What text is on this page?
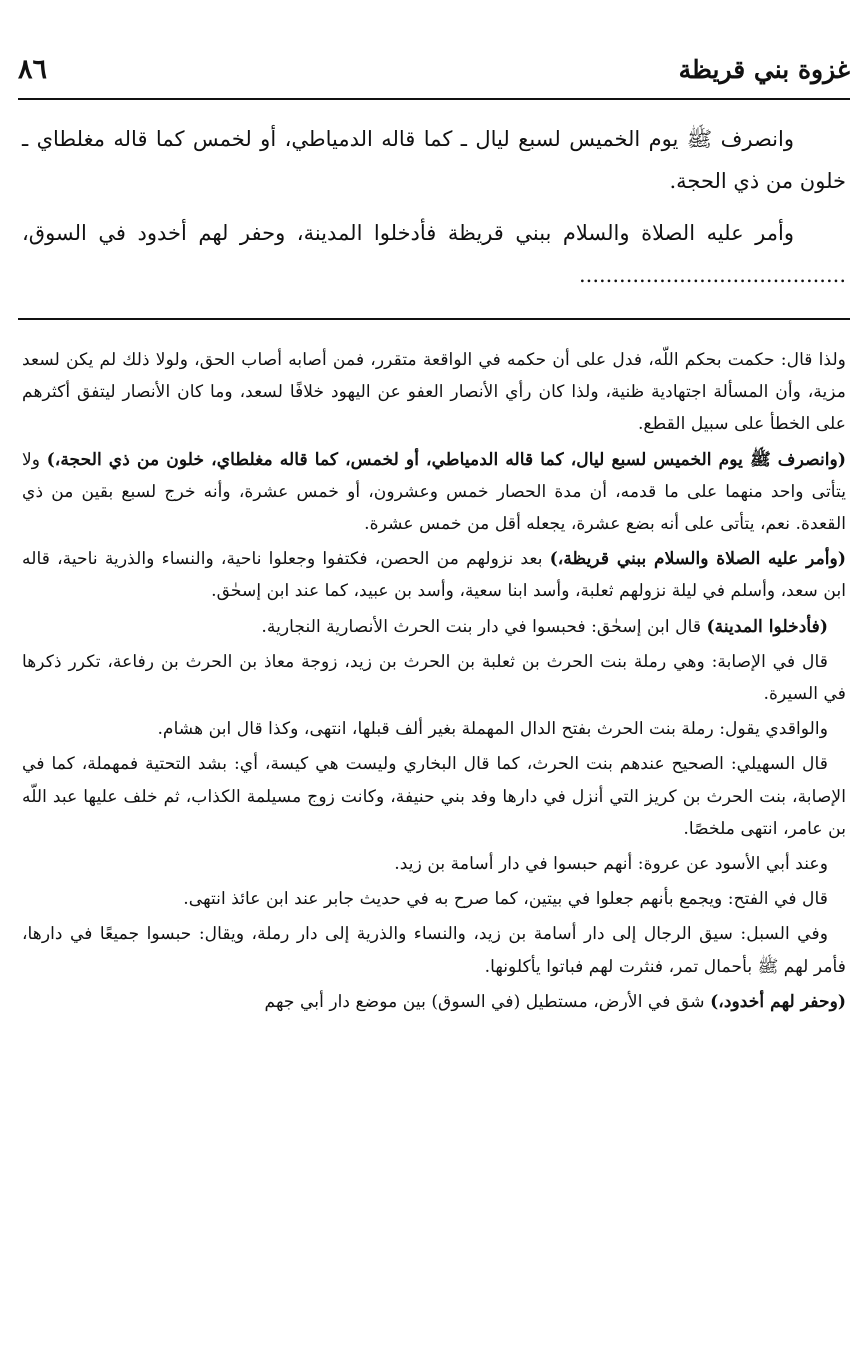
غزوة بني قريظة
٨٦

وانصرف ﷺ يوم الخميس لسبع ليال ـ كما قاله الدمياطي، أو لخمس كما قاله مغلطاي ـ خلون من ذي الحجة.

وأمر عليه الصلاة والسلام ببني قريظة فأدخلوا المدينة، وحفر لهم أخدود في السوق، ........................................

ولذا قال: حكمت بحكم اللّه، فدل على أن حكمه في الواقعة متقرر، فمن أصابه أصاب الحق، ولولا ذلك لم يكن لسعد مزية، وأن المسألة اجتهادية ظنية، ولذا كان رأي الأنصار العفو عن اليهود خلافًا لسعد، وما كان الأنصار ليتفق أكثرهم على الخطأ على سبيل القطع.

(وانصرف ﷺ يوم الخميس لسبع ليال، كما قاله الدمياطي، أو لخمس، كما قاله مغلطاي، خلون من ذي الحجة،) ولا يتأتى واحد منهما على ما قدمه، أن مدة الحصار خمس وعشرون، أو خمس عشرة، وأنه خرج لسبع بقين من ذي القعدة. نعم، يتأتى على أنه بضع عشرة، يجعله أقل من خمس عشرة.

(وأمر عليه الصلاة والسلام ببني قريظة،) بعد نزولهم من الحصن، فكتفوا وجعلوا ناحية، والنساء والذرية ناحية، قاله ابن سعد، وأسلم في ليلة نزولهم ثعلبة، وأسد ابنا سعية، وأسد بن عبيد، كما عند ابن إسحٰق.

(فأدخلوا المدينة) قال ابن إسحٰق: فحبسوا في دار بنت الحرث الأنصارية النجارية.

قال في الإصابة: وهي رملة بنت الحرث بن ثعلبة بن الحرث بن زيد، زوجة معاذ بن الحرث بن رفاعة، تكرر ذكرها في السيرة.

والواقدي يقول: رملة بنت الحرث بفتح الدال المهملة بغير ألف قبلها، انتهى، وكذا قال ابن هشام.

قال السهيلي: الصحيح عندهم بنت الحرث، كما قال البخاري وليست هي كيسة، أي: بشد التحتية فمهملة، كما في الإصابة، بنت الحرث بن كريز التي أنزل في دارها وفد بني حنيفة، وكانت زوج مسيلمة الكذاب، ثم خلف عليها عبد اللّه بن عامر، انتهى ملخصًا.

وعند أبي الأسود عن عروة: أنهم حبسوا في دار أسامة بن زيد.

قال في الفتح: ويجمع بأنهم جعلوا في بيتين، كما صرح به في حديث جابر عند ابن عائذ انتهى.

وفي السبل: سيق الرجال إلى دار أسامة بن زيد، والنساء والذرية إلى دار رملة، ويقال: حبسوا جميعًا في دارها، فأمر لهم ﷺ بأحمال تمر، فنثرت لهم فباتوا يأكلونها.

(وحفر لهم أخدود،) شق في الأرض، مستطيل (في السوق) بين موضع دار أبي جهم
